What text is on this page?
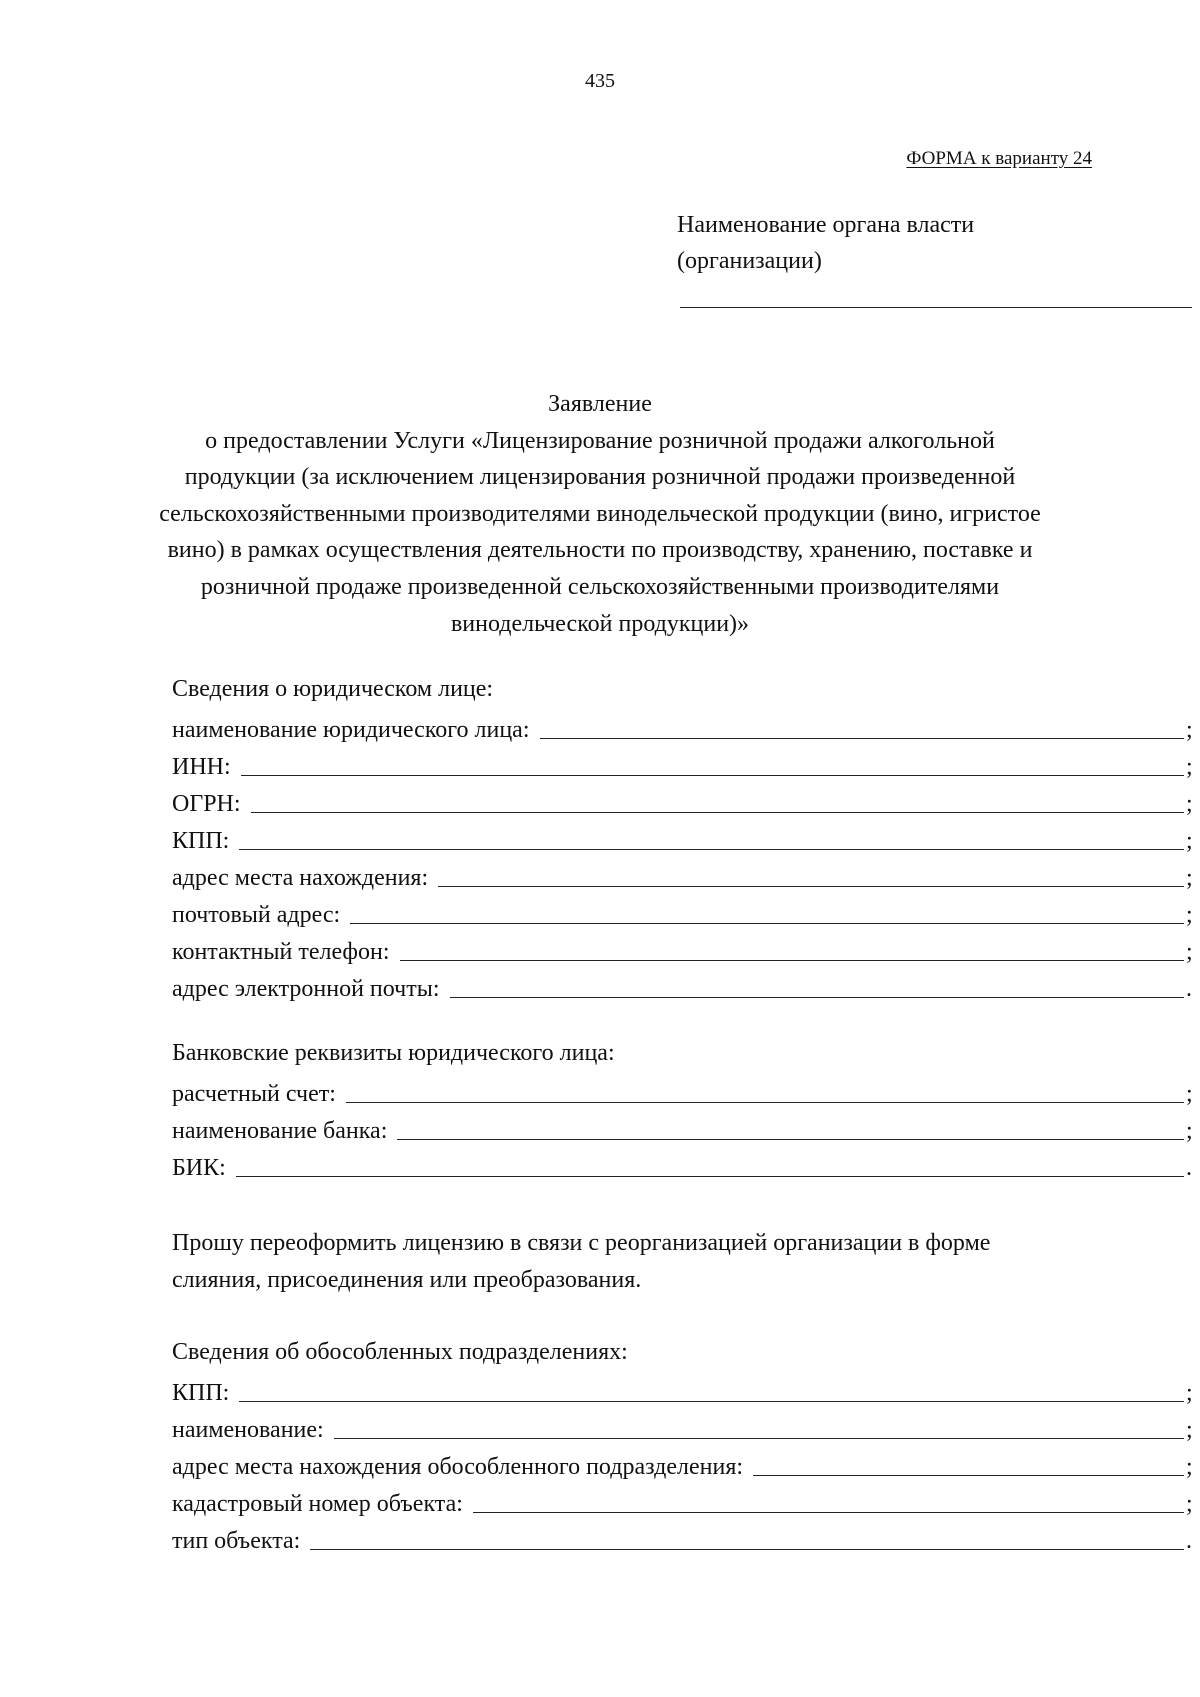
435
ФОРМА к варианту 24
Наименование органа власти
(организации)
Заявление
о предоставлении Услуги «Лицензирование розничной продажи алкогольной
продукции (за исключением лицензирования розничной продажи произведенной
сельскохозяйственными производителями винодельческой продукции (вино, игристое
вино) в рамках осуществления деятельности по производству, хранению, поставке и
розничной продаже произведенной сельскохозяйственными производителями
винодельческой продукции)»
Сведения о юридическом лице:
наименование юридического лица:	;
ИНН:	;
ОГРН:	;
КПП:	;
адрес места нахождения:	;
почтовый адрес:	;
контактный телефон:	;
адрес электронной почты:	.
Банковские реквизиты юридического лица:
расчетный счет:	;
наименование банка:	;
БИК:	.
Прошу переоформить лицензию в связи с реорганизацией организации в форме
слияния, присоединения или преобразования.
Сведения об обособленных подразделениях:
КПП:	;
наименование:	;
адрес места нахождения обособленного подразделения:	;
кадастровый номер объекта:	;
тип объекта:	.
